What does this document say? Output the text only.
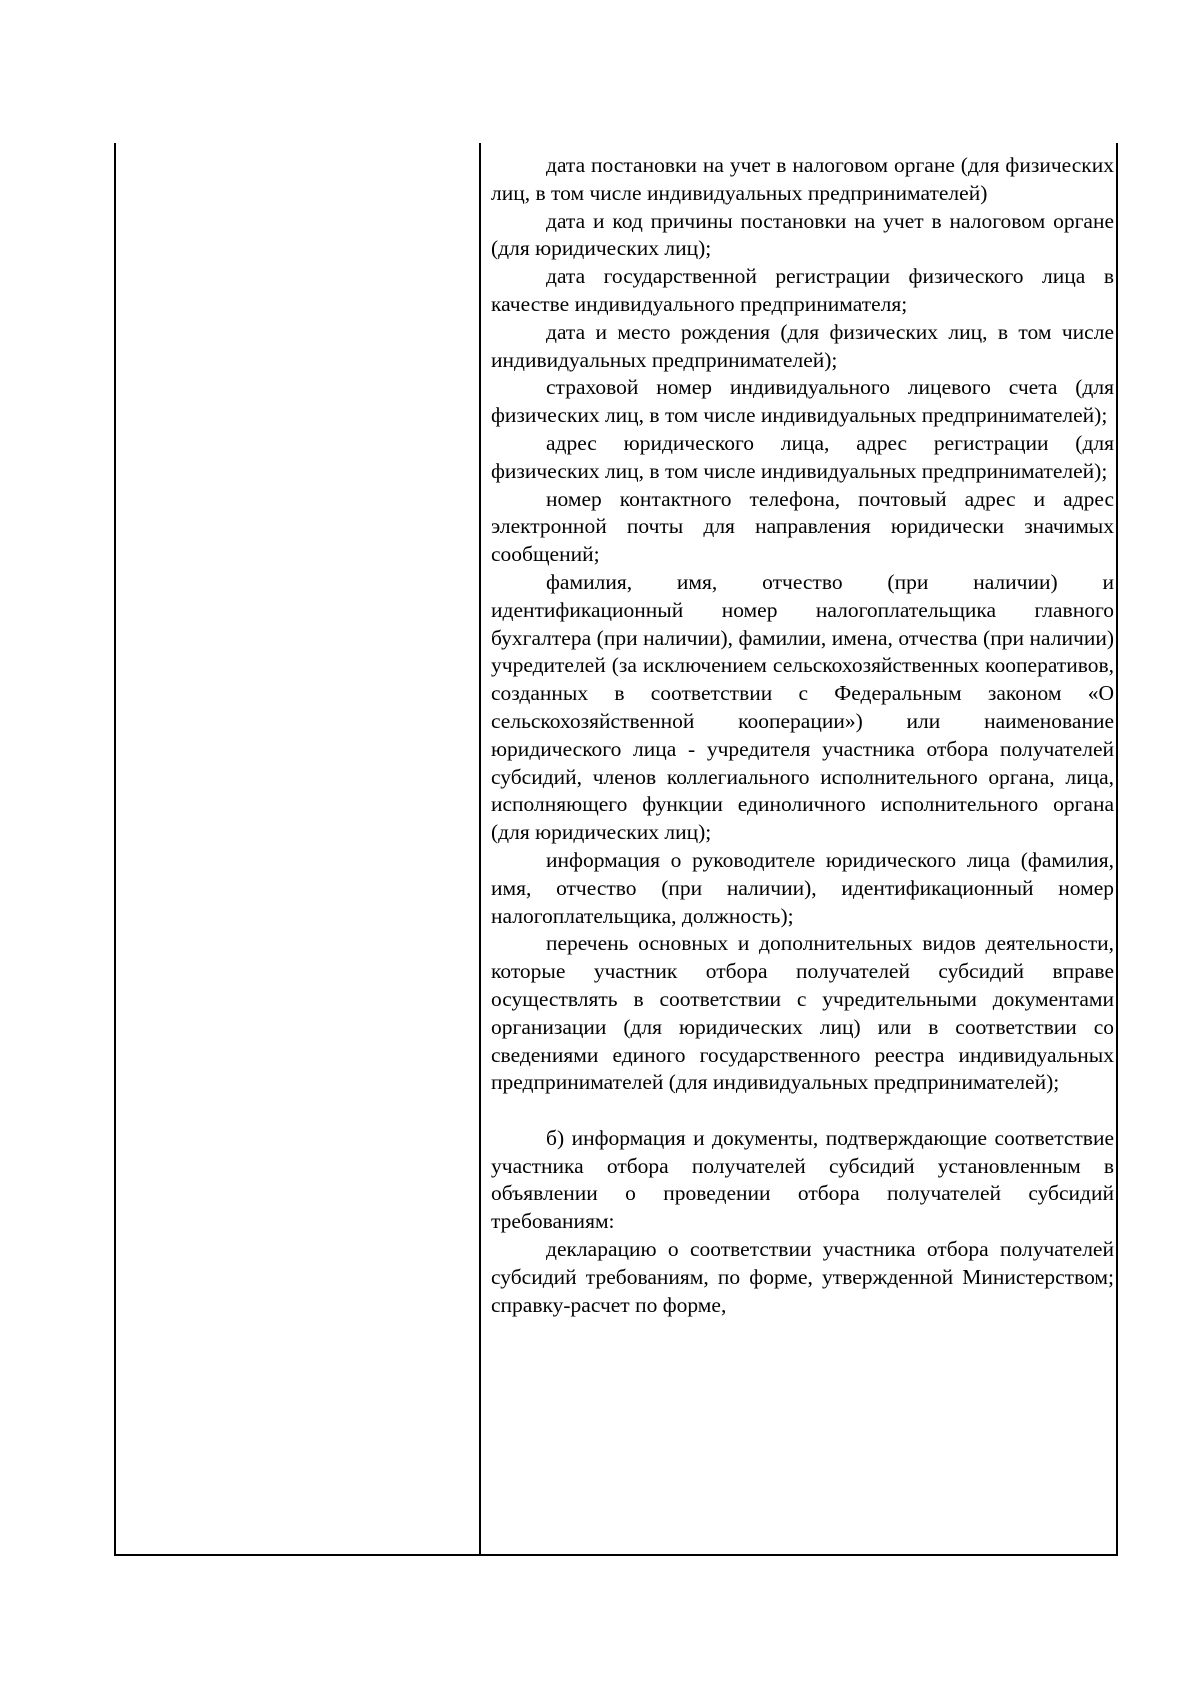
дата постановки на учет в налоговом органе (для физических лиц, в том числе индивидуальных предпринимателей)

дата и код причины постановки на учет в налоговом органе (для юридических лиц);

дата государственной регистрации физического лица в качестве индивидуального предпринимателя;

дата и место рождения (для физических лиц, в том числе индивидуальных предпринимателей);

страховой номер индивидуального лицевого счета (для физических лиц, в том числе индивидуальных предпринимателей);

адрес юридического лица, адрес регистрации (для физических лиц, в том числе индивидуальных предпринимателей);

номер контактного телефона, почтовый адрес и адрес электронной почты для направления юридически значимых сообщений;

фамилия, имя, отчество (при наличии) и идентификационный номер налогоплательщика главного бухгалтера (при наличии), фамилии, имена, отчества (при наличии) учредителей (за исключением сельскохозяйственных кооперативов, созданных в соответствии с Федеральным законом «О сельскохозяйственной кооперации») или наименование юридического лица - учредителя участника отбора получателей субсидий, членов коллегиального исполнительного органа, лица, исполняющего функции единоличного исполнительного органа (для юридических лиц);

информация о руководителе юридического лица (фамилия, имя, отчество (при наличии), идентификационный номер налогоплательщика, должность);

перечень основных и дополнительных видов деятельности, которые участник отбора получателей субсидий вправе осуществлять в соответствии с учредительными документами организации (для юридических лиц) или в соответствии со сведениями единого государственного реестра индивидуальных предпринимателей (для индивидуальных предпринимателей);

б) информация и документы, подтверждающие соответствие участника отбора получателей субсидий установленным в объявлении о проведении отбора получателей субсидий требованиям:

декларацию о соответствии участника отбора получателей субсидий требованиям, по форме, утвержденной Министерством; справку-расчет по форме,
